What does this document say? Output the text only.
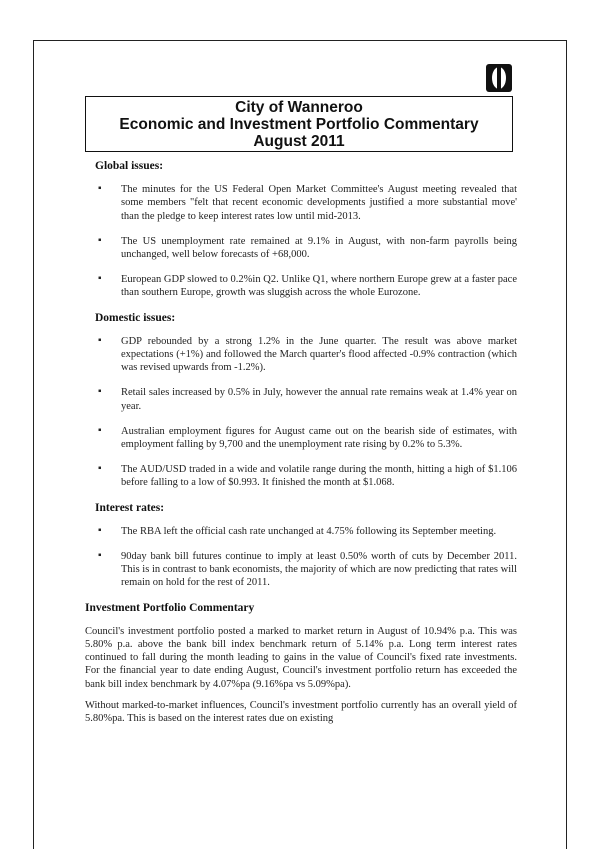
City of Wanneroo
Economic and Investment Portfolio Commentary
August 2011
Global issues:
▪ The minutes for the US Federal Open Market Committee's August meeting revealed that some members "felt that recent economic developments justified a more substantial move' than the pledge to keep interest rates low until mid-2013.
▪ The US unemployment rate remained at 9.1% in August, with non-farm payrolls being unchanged, well below forecasts of +68,000.
▪ European GDP slowed to 0.2%in Q2. Unlike Q1, where northern Europe grew at a faster pace than southern Europe, growth was sluggish across the whole Eurozone.
Domestic issues:
▪ GDP rebounded by a strong 1.2% in the June quarter. The result was above market expectations (+1%) and followed the March quarter's flood affected -0.9% contraction (which was revised upwards from -1.2%).
▪ Retail sales increased by 0.5% in July, however the annual rate remains weak at 1.4% year on year.
▪ Australian employment figures for August came out on the bearish side of estimates, with employment falling by 9,700 and the unemployment rate rising by 0.2% to 5.3%.
▪ The AUD/USD traded in a wide and volatile range during the month, hitting a high of $1.106 before falling to a low of $0.993. It finished the month at $1.068.
Interest rates:
▪ The RBA left the official cash rate unchanged at 4.75% following its September meeting.
▪ 90day bank bill futures continue to imply at least 0.50% worth of cuts by December 2011. This is in contrast to bank economists, the majority of which are now predicting that rates will remain on hold for the rest of 2011.
Investment Portfolio Commentary

Council's investment portfolio posted a marked to market return in August of 10.94% p.a. This was 5.80% p.a. above the bank bill index benchmark return of 5.14% p.a. Long term interest rates continued to fall during the month leading to gains in the value of Council's fixed rate investments. For the financial year to date ending August, Council's investment portfolio return has exceeded the bank bill index benchmark by 4.07%pa (9.16%pa vs 5.09%pa).

Without marked-to-market influences, Council's investment portfolio currently has an overall yield of 5.80%pa. This is based on the interest rates due on existing
